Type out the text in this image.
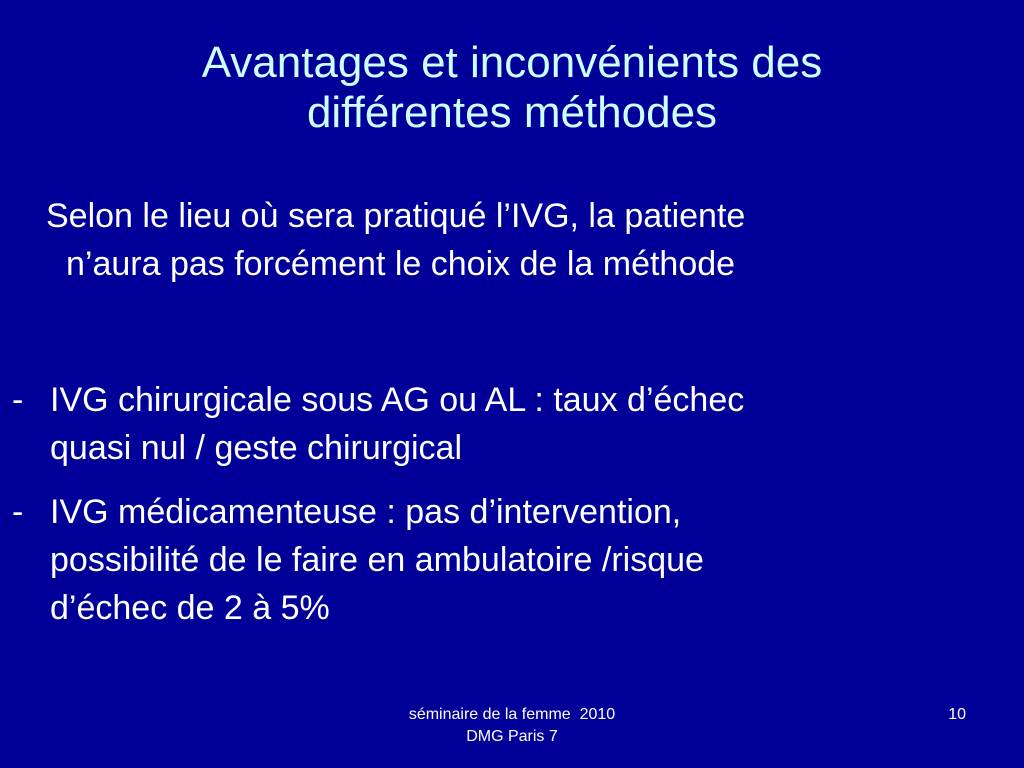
Avantages et inconvénients des
différentes méthodes

Selon le lieu où sera pratiqué l’IVG, la patiente
n’aura pas forcément le choix de la méthode

- IVG chirurgicale sous AG ou AL : taux d’échec
quasi nul / geste chirurgical
- IVG médicamenteuse : pas d’intervention,
possibilité de le faire en ambulatoire /risque
d’échec de 2 à 5%
séminaire de la femme  2010
DMG Paris 7
10
